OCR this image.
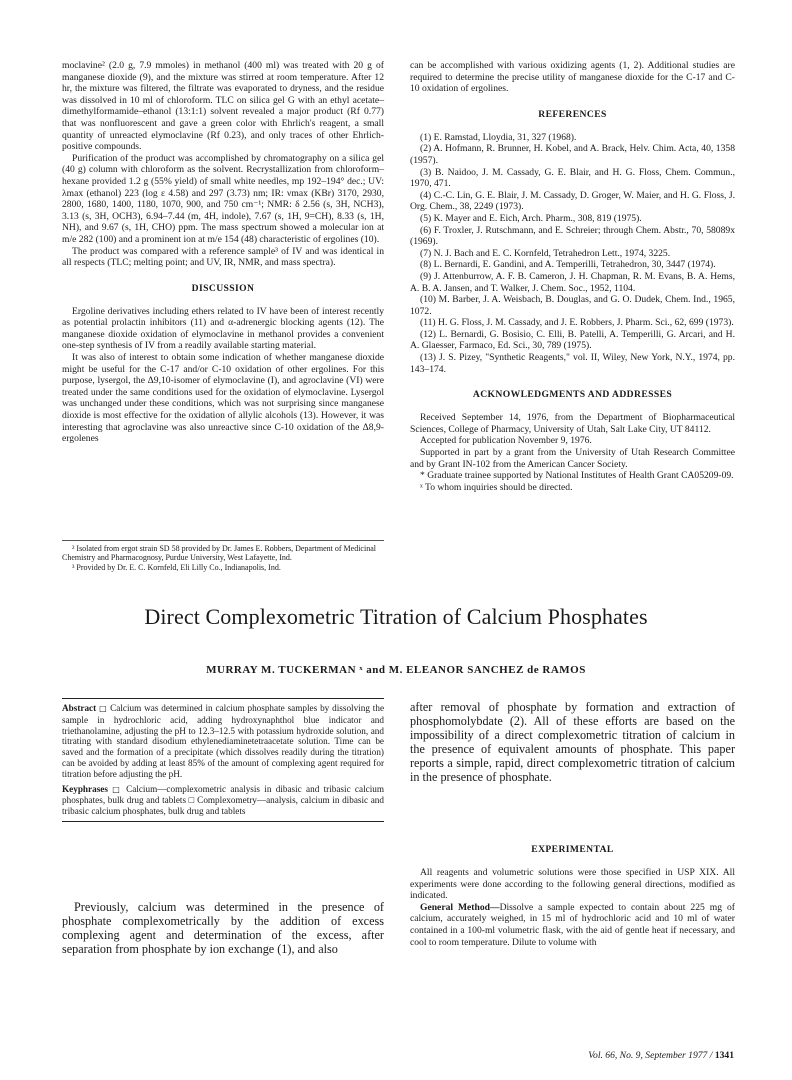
moclavine² (2.0 g, 7.9 mmoles) in methanol (400 ml) was treated with 20 g of manganese dioxide (9), and the mixture was stirred at room temperature. After 12 hr, the mixture was filtered, the filtrate was evaporated to dryness, and the residue was dissolved in 10 ml of chloroform. TLC on silica gel G with an ethyl acetate–dimethylformamide–ethanol (13:1:1) solvent revealed a major product (Rf 0.77) that was nonfluorescent and gave a green color with Ehrlich's reagent, a small quantity of unreacted elymoclavine (Rf 0.23), and only traces of other Ehrlich-positive compounds.

Purification of the product was accomplished by chromatography on a silica gel (40 g) column with chloroform as the solvent. Recrystallization from chloroform–hexane provided 1.2 g (55% yield) of small white needles, mp 192–194° dec.; UV: λmax (ethanol) 223 (log ε 4.58) and 297 (3.73) nm; IR: νmax (KBr) 3170, 2930, 2800, 1680, 1400, 1180, 1070, 900, and 750 cm⁻¹; NMR: δ 2.56 (s, 3H, NCH3), 3.13 (s, 3H, OCH3), 6.94–7.44 (m, 4H, indole), 7.67 (s, 1H, 9=CH), 8.33 (s, 1H, NH), and 9.67 (s, 1H, CHO) ppm. The mass spectrum showed a molecular ion at m/e 282 (100) and a prominent ion at m/e 154 (48) characteristic of ergolines (10).

The product was compared with a reference sample³ of IV and was identical in all respects (TLC; melting point; and UV, IR, NMR, and mass spectra).

DISCUSSION

Ergoline derivatives including ethers related to IV have been of interest recently as potential prolactin inhibitors (11) and α-adrenergic blocking agents (12). The manganese dioxide oxidation of elymoclavine in methanol provides a convenient one-step synthesis of IV from a readily available starting material.

It was also of interest to obtain some indication of whether manganese dioxide might be useful for the C-17 and/or C-10 oxidation of other ergolines. For this purpose, lysergol, the Δ9,10-isomer of elymoclavine (I), and agroclavine (VI) were treated under the same conditions used for the oxidation of elymoclavine. Lysergol was unchanged under these conditions, which was not surprising since manganese dioxide is most effective for the oxidation of allylic alcohols (13). However, it was interesting that agroclavine was also unreactive since C-10 oxidation of the Δ8,9-ergolenes

² Isolated from ergot strain SD 58 provided by Dr. James E. Robbers, Department of Medicinal Chemistry and Pharmacognosy, Purdue University, West Lafayette, Ind.

³ Provided by Dr. E. C. Kornfeld, Eli Lilly Co., Indianapolis, Ind.

can be accomplished with various oxidizing agents (1, 2). Additional studies are required to determine the precise utility of manganese dioxide for the C-17 and C-10 oxidation of ergolines.

REFERENCES

(1) E. Ramstad, Lloydia, 31, 327 (1968).

(2) A. Hofmann, R. Brunner, H. Kobel, and A. Brack, Helv. Chim. Acta, 40, 1358 (1957).

(3) B. Naidoo, J. M. Cassady, G. E. Blair, and H. G. Floss, Chem. Commun., 1970, 471.

(4) C.-C. Lin, G. E. Blair, J. M. Cassady, D. Groger, W. Maier, and H. G. Floss, J. Org. Chem., 38, 2249 (1973).

(5) K. Mayer and E. Eich, Arch. Pharm., 308, 819 (1975).

(6) F. Troxler, J. Rutschmann, and E. Schreier; through Chem. Abstr., 70, 58089x (1969).

(7) N. J. Bach and E. C. Kornfeld, Tetrahedron Lett., 1974, 3225.

(8) L. Bernardi, E. Gandini, and A. Temperilli, Tetrahedron, 30, 3447 (1974).

(9) J. Attenburrow, A. F. B. Cameron, J. H. Chapman, R. M. Evans, B. A. Hems, A. B. A. Jansen, and T. Walker, J. Chem. Soc., 1952, 1104.

(10) M. Barber, J. A. Weisbach, B. Douglas, and G. O. Dudek, Chem. Ind., 1965, 1072.

(11) H. G. Floss, J. M. Cassady, and J. E. Robbers, J. Pharm. Sci., 62, 699 (1973).

(12) L. Bernardi, G. Bosisio, C. Elli, B. Patelli, A. Temperilli, G. Arcari, and H. A. Glaesser, Farmaco, Ed. Sci., 30, 789 (1975).

(13) J. S. Pizey, "Synthetic Reagents," vol. II, Wiley, New York, N.Y., 1974, pp. 143–174.

ACKNOWLEDGMENTS AND ADDRESSES

Received September 14, 1976, from the Department of Biopharmaceutical Sciences, College of Pharmacy, University of Utah, Salt Lake City, UT 84112.

Accepted for publication November 9, 1976.

Supported in part by a grant from the University of Utah Research Committee and by Grant IN-102 from the American Cancer Society.

* Graduate trainee supported by National Institutes of Health Grant CA05209-09.

ˣ To whom inquiries should be directed.

Direct Complexometric Titration of Calcium Phosphates
MURRAY M. TUCKERMAN ˣ and M. ELEANOR SANCHEZ de RAMOS

Abstract □ Calcium was determined in calcium phosphate samples by dissolving the sample in hydrochloric acid, adding hydroxynaphthol blue indicator and triethanolamine, adjusting the pH to 12.3–12.5 with potassium hydroxide solution, and titrating with standard disodium ethylenediaminetetraacetate solution. Time can be saved and the formation of a precipitate (which dissolves readily during the titration) can be avoided by adding at least 85% of the amount of complexing agent required for titration before adjusting the pH.

Keyphrases □ Calcium—complexometric analysis in dibasic and tribasic calcium phosphates, bulk drug and tablets □ Complexometry—analysis, calcium in dibasic and tribasic calcium phosphates, bulk drug and tablets

Previously, calcium was determined in the presence of phosphate complexometrically by the addition of excess complexing agent and determination of the excess, after separation from phosphate by ion exchange (1), and also

after removal of phosphate by formation and extraction of phosphomolybdate (2). All of these efforts are based on the impossibility of a direct complexometric titration of calcium in the presence of equivalent amounts of phosphate. This paper reports a simple, rapid, direct complexometric titration of calcium in the presence of phosphate.

EXPERIMENTAL

All reagents and volumetric solutions were those specified in USP XIX. All experiments were done according to the following general directions, modified as indicated.

General Method—Dissolve a sample expected to contain about 225 mg of calcium, accurately weighed, in 15 ml of hydrochloric acid and 10 ml of water contained in a 100-ml volumetric flask, with the aid of gentle heat if necessary, and cool to room temperature. Dilute to volume with

Vol. 66, No. 9, September 1977 / 1341
